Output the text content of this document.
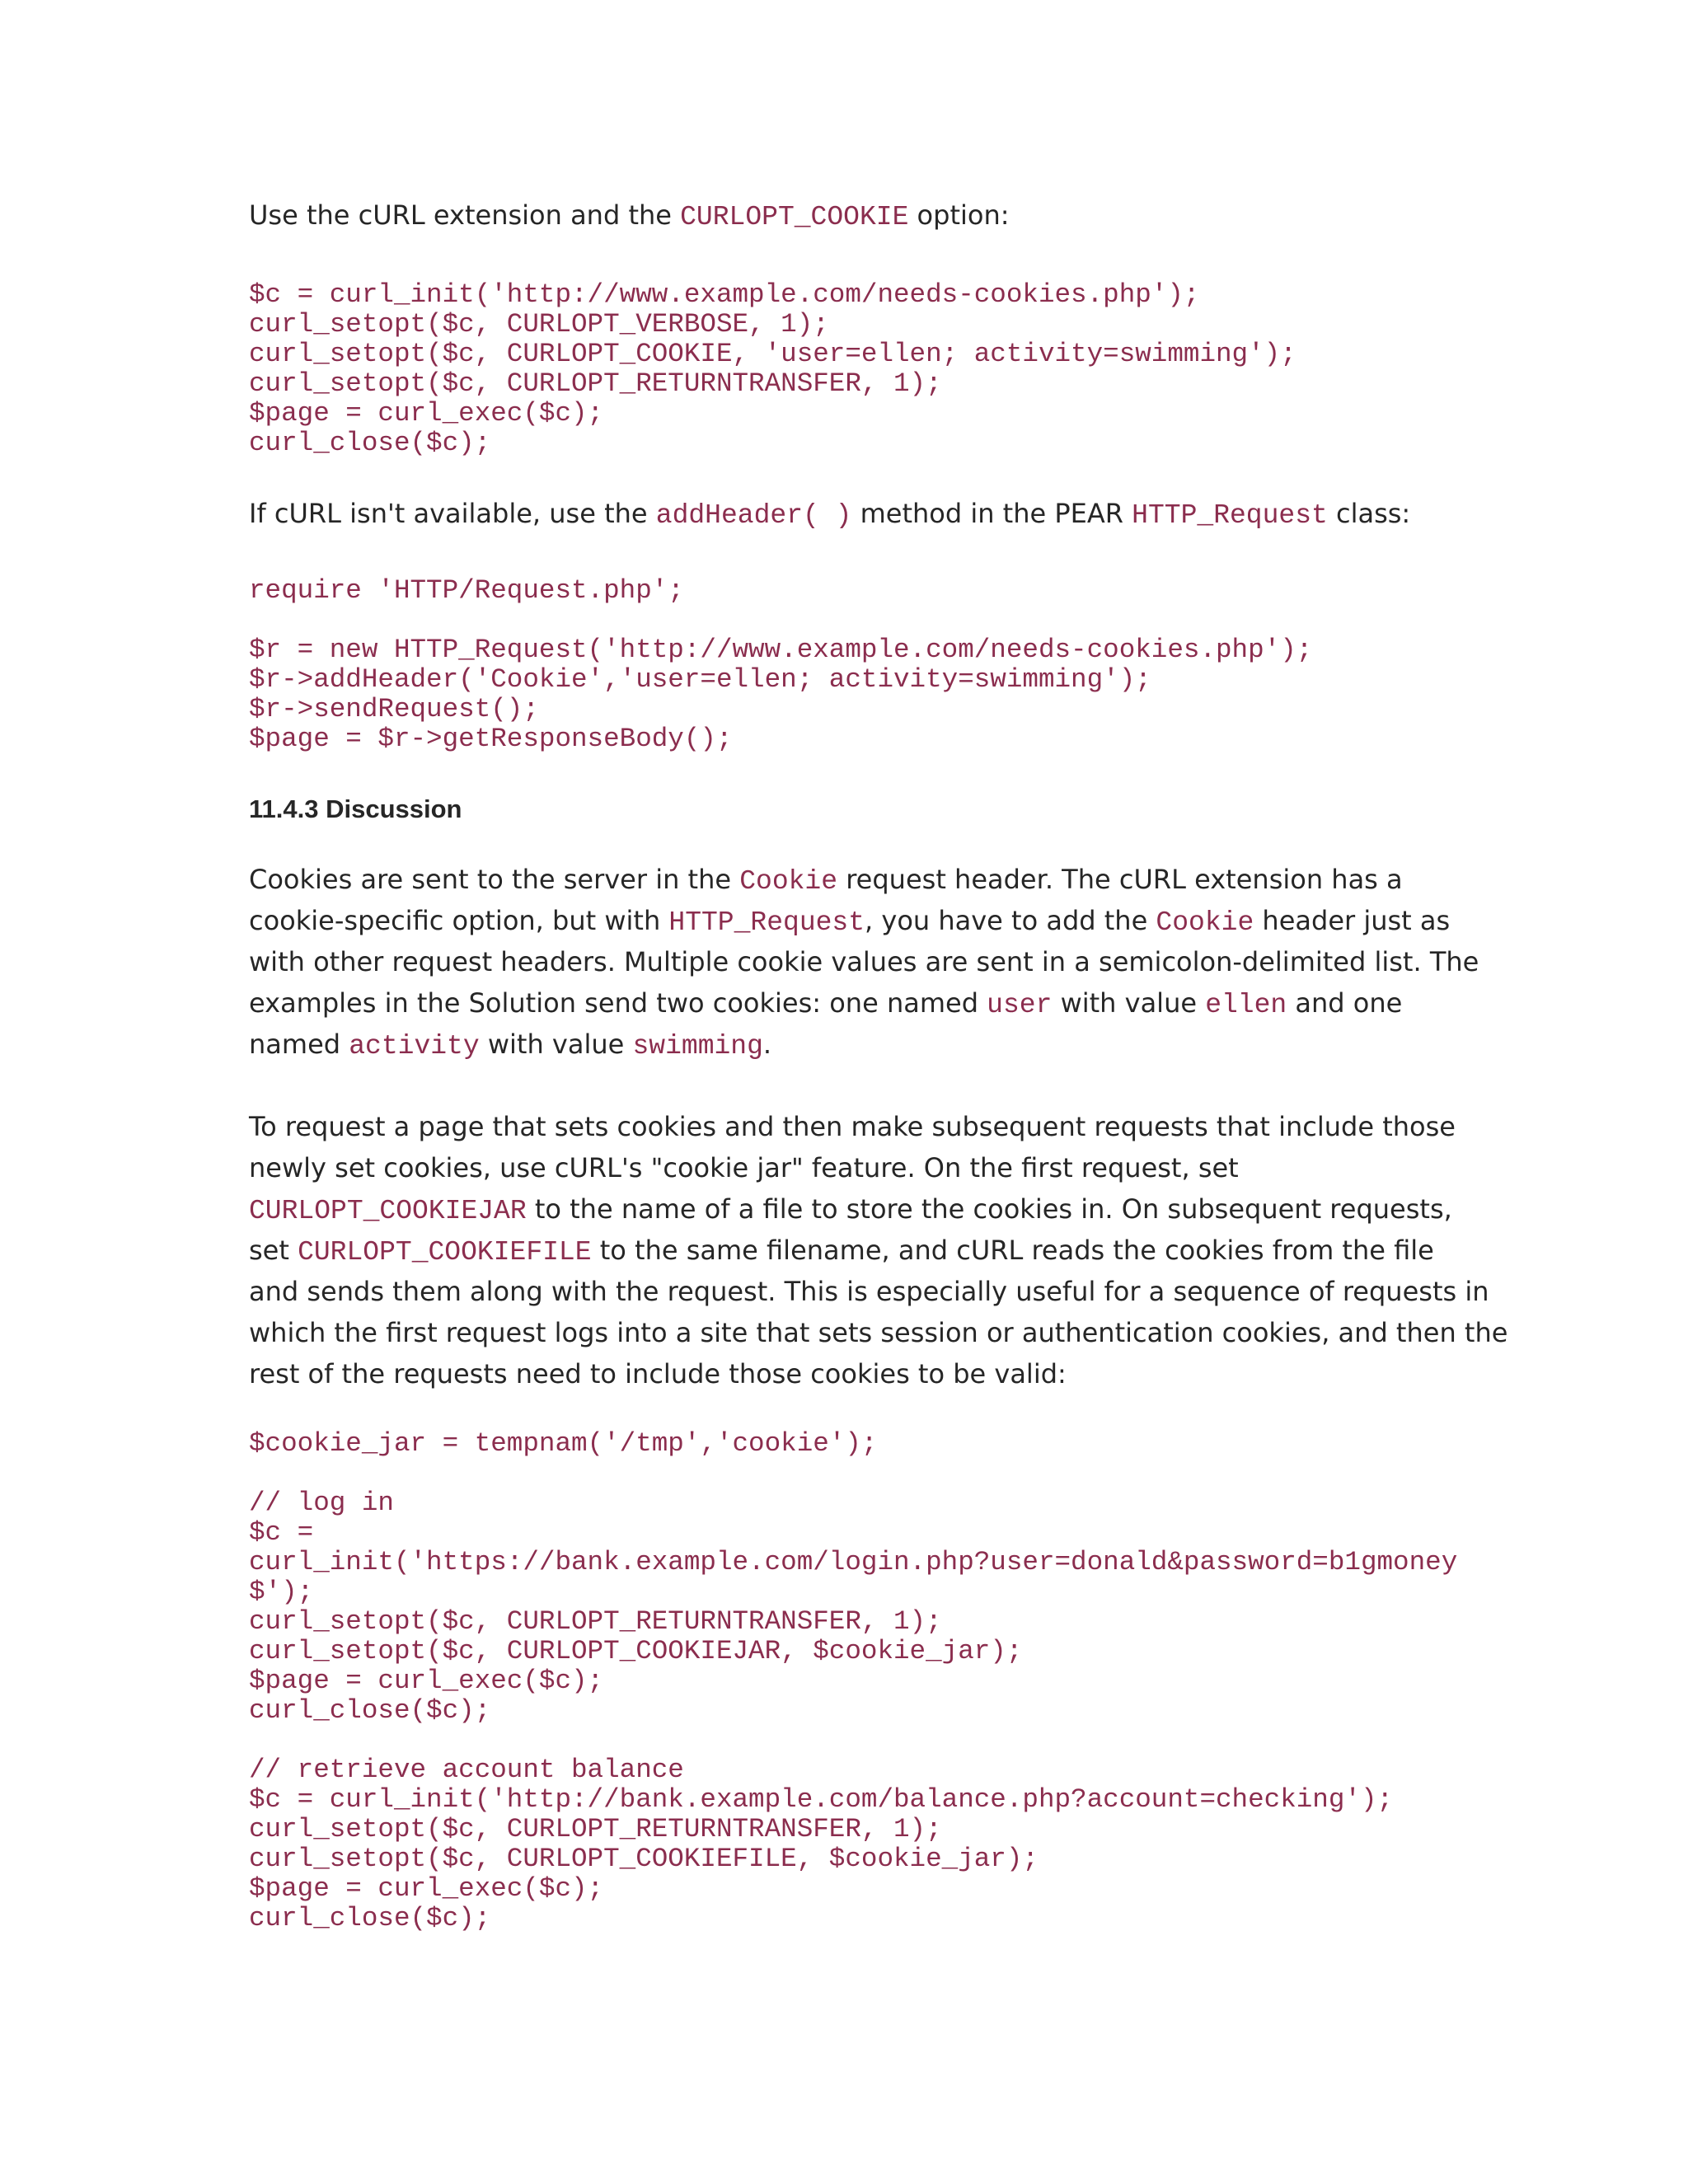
Use the cURL extension and the CURLOPT_COOKIE option:

$c = curl_init('http://www.example.com/needs-cookies.php');
curl_setopt($c, CURLOPT_VERBOSE, 1);
curl_setopt($c, CURLOPT_COOKIE, 'user=ellen; activity=swimming');
curl_setopt($c, CURLOPT_RETURNTRANSFER, 1);
$page = curl_exec($c);
curl_close($c);

If cURL isn't available, use the addHeader( ) method in the PEAR HTTP_Request class:

require 'HTTP/Request.php';
$r = new HTTP_Request('http://www.example.com/needs-cookies.php');
$r->addHeader('Cookie','user=ellen; activity=swimming');
$r->sendRequest();
$page = $r->getResponseBody();
11.4.3 Discussion

Cookies are sent to the server in the Cookie request header. The cURL extension has a
cookie-specific option, but with HTTP_Request, you have to add the Cookie header just as
with other request headers. Multiple cookie values are sent in a semicolon-delimited list. The
examples in the Solution send two cookies: one named user with value ellen and one
named activity with value swimming.

To request a page that sets cookies and then make subsequent requests that include those
newly set cookies, use cURL's "cookie jar" feature. On the first request, set
CURLOPT_COOKIEJAR to the name of a file to store the cookies in. On subsequent requests,
set CURLOPT_COOKIEFILE to the same filename, and cURL reads the cookies from the file
and sends them along with the request. This is especially useful for a sequence of requests in
which the first request logs into a site that sets session or authentication cookies, and then the
rest of the requests need to include those cookies to be valid:

$cookie_jar = tempnam('/tmp','cookie');
// log in
$c =
curl_init('https://bank.example.com/login.php?user=donald&password=b1gmoney
$');
curl_setopt($c, CURLOPT_RETURNTRANSFER, 1);
curl_setopt($c, CURLOPT_COOKIEJAR, $cookie_jar);
$page = curl_exec($c);
curl_close($c);
// retrieve account balance
$c = curl_init('http://bank.example.com/balance.php?account=checking');
curl_setopt($c, CURLOPT_RETURNTRANSFER, 1);
curl_setopt($c, CURLOPT_COOKIEFILE, $cookie_jar);
$page = curl_exec($c);
curl_close($c);
